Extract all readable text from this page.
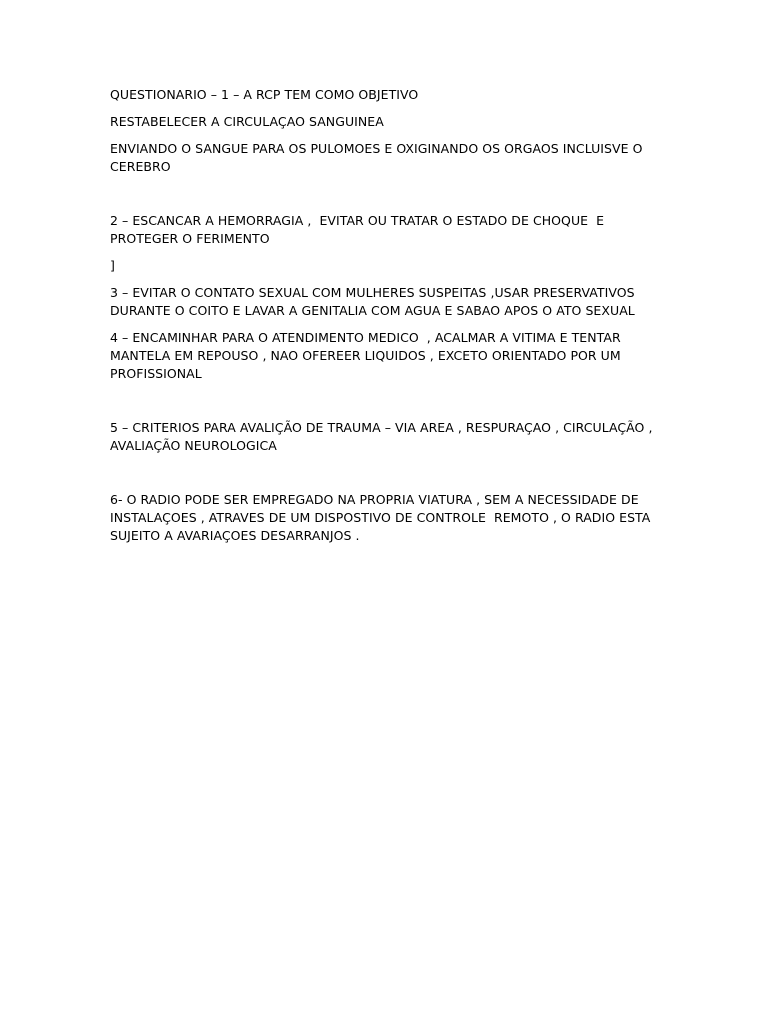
QUESTIONARIO – 1 – A RCP TEM COMO OBJETIVO

RESTABELECER A CIRCULAÇAO SANGUINEA

ENVIANDO O SANGUE PARA OS PULOMOES E OXIGINANDO OS ORGAOS INCLUISVE O CEREBRO

2 – ESCANCAR A HEMORRAGIA ,  EVITAR OU TRATAR O ESTADO DE CHOQUE  E PROTEGER O FERIMENTO

]

3 – EVITAR O CONTATO SEXUAL COM MULHERES SUSPEITAS ,USAR PRESERVATIVOS DURANTE O COITO E LAVAR A GENITALIA COM AGUA E SABAO APOS O ATO SEXUAL

4 – ENCAMINHAR PARA O ATENDIMENTO MEDICO  , ACALMAR A VITIMA E TENTAR MANTELA EM REPOUSO , NAO OFEREER LIQUIDOS , EXCETO ORIENTADO POR UM PROFISSIONAL

5 – CRITERIOS PARA AVALIÇÃO DE TRAUMA – VIA AREA , RESPURAÇAO , CIRCULAÇÃO , AVALIAÇÃO NEUROLOGICA

6- O RADIO PODE SER EMPREGADO NA PROPRIA VIATURA , SEM A NECESSIDADE DE INSTALAÇOES , ATRAVES DE UM DISPOSTIVO DE CONTROLE  REMOTO , O RADIO ESTA SUJEITO A AVARIAÇOES DESARRANJOS .
